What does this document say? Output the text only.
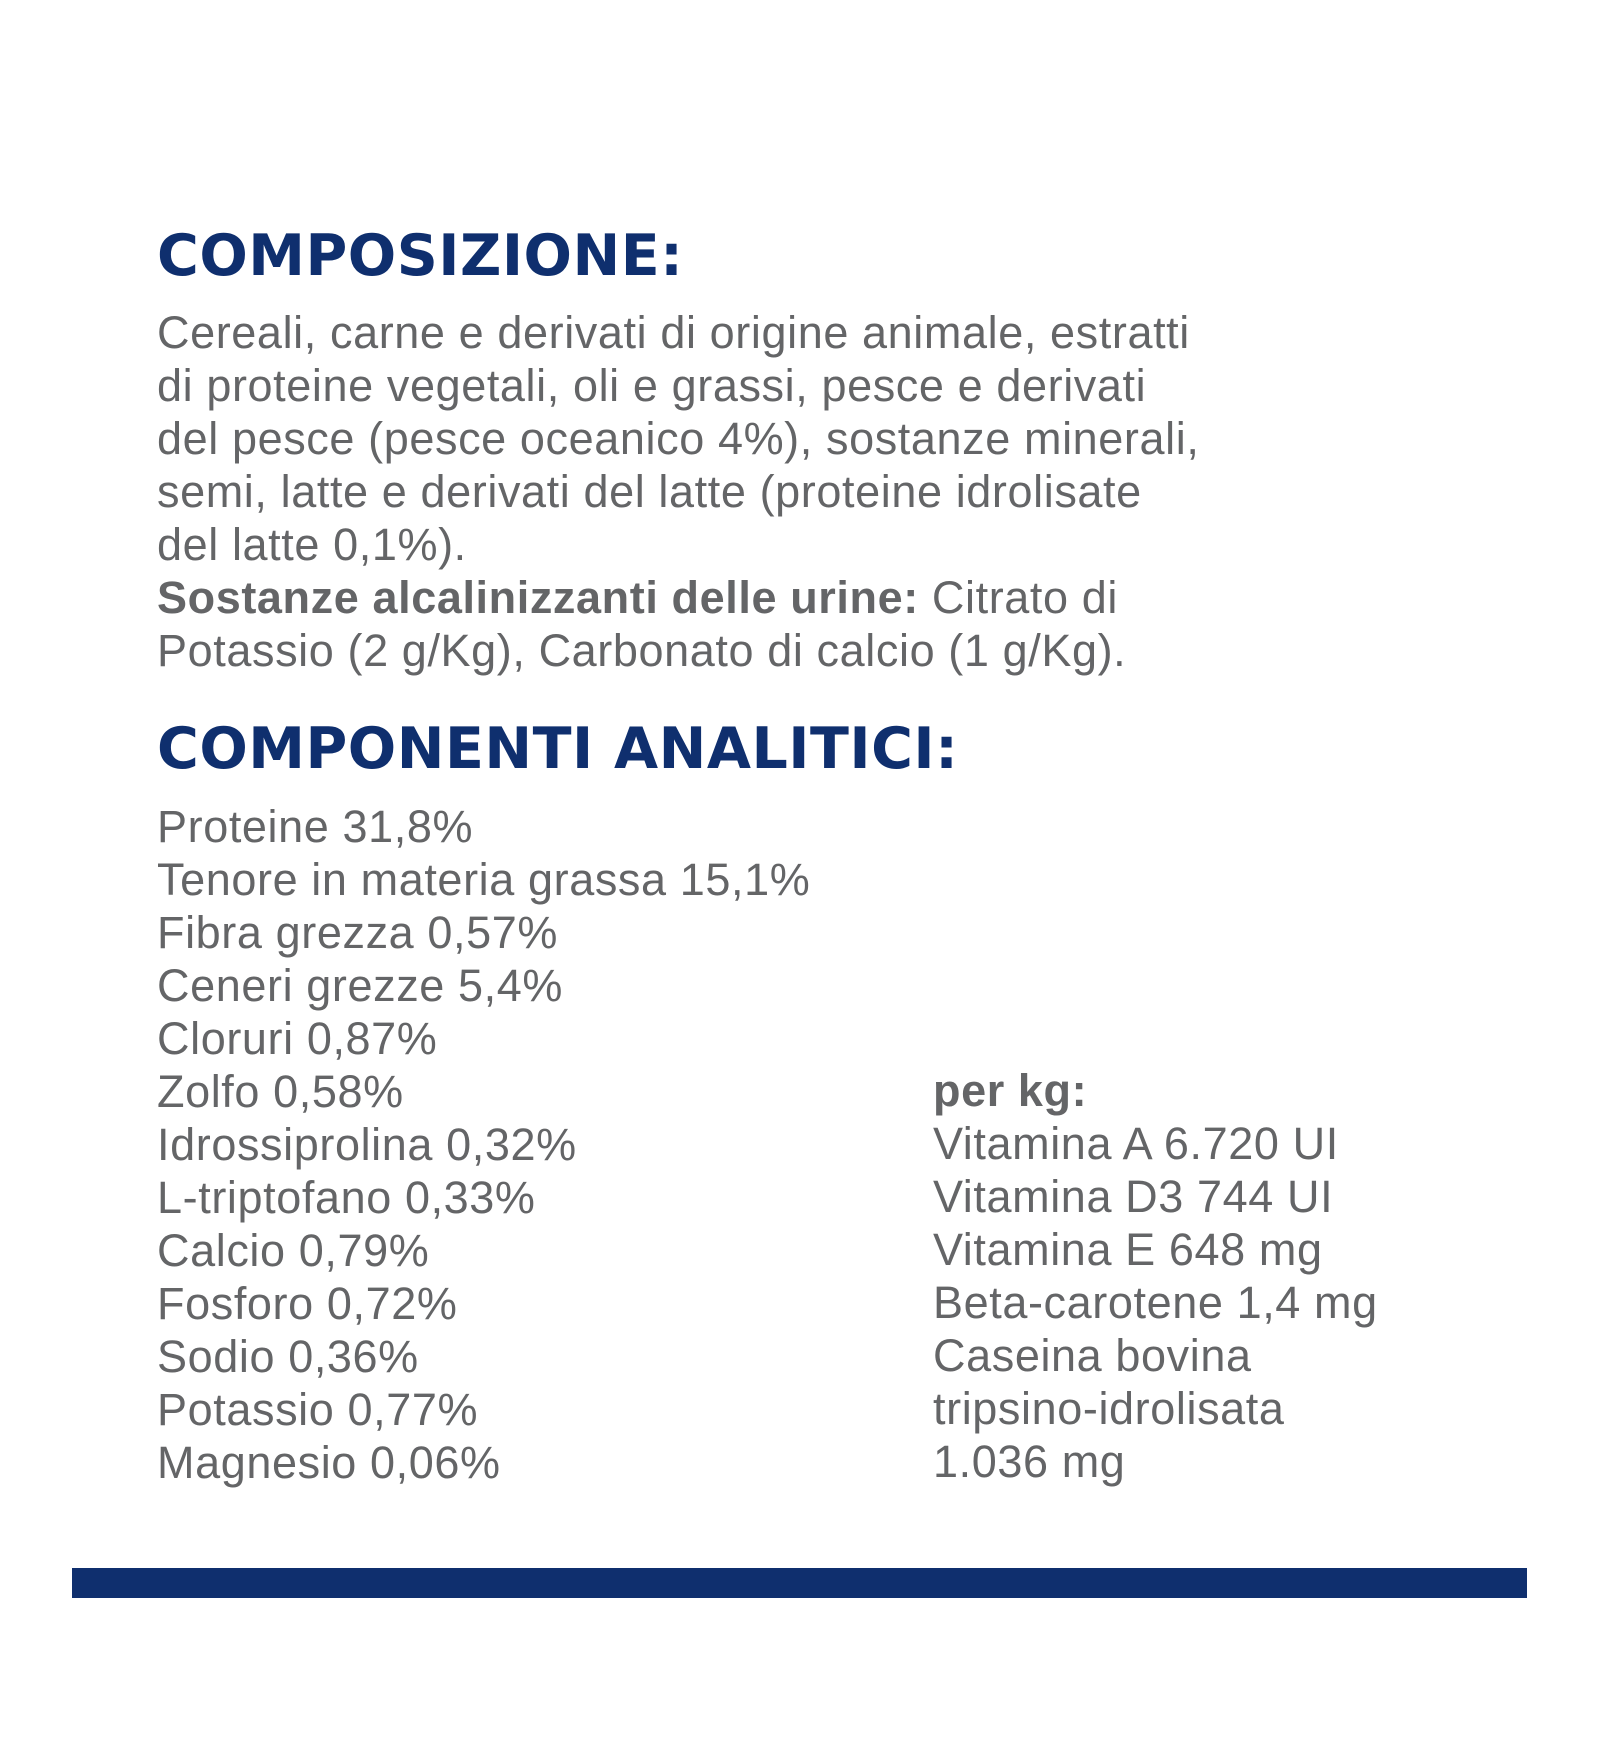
COMPOSIZIONE:
Cereali, carne e derivati di origine animale, estratti
di proteine vegetali, oli e grassi, pesce e derivati
del pesce (pesce oceanico 4%), sostanze minerali,
semi, latte e derivati del latte (proteine idrolisate
del latte 0,1%).
Sostanze alcalinizzanti delle urine: Citrato di
Potassio (2 g/Kg), Carbonato di calcio (1 g/Kg).
COMPONENTI ANALITICI:
Proteine 31,8%
Tenore in materia grassa 15,1%
Fibra grezza 0,57%
Ceneri grezze 5,4%
Cloruri 0,87%
Zolfo 0,58%
Idrossiprolina 0,32%
L-triptofano 0,33%
Calcio 0,79%
Fosforo 0,72%
Sodio 0,36%
Potassio 0,77%
Magnesio 0,06%
per kg:
Vitamina A 6.720 UI
Vitamina D3 744 UI
Vitamina E 648 mg
Beta-carotene 1,4 mg
Caseina bovina
tripsino-idrolisata
1.036 mg
